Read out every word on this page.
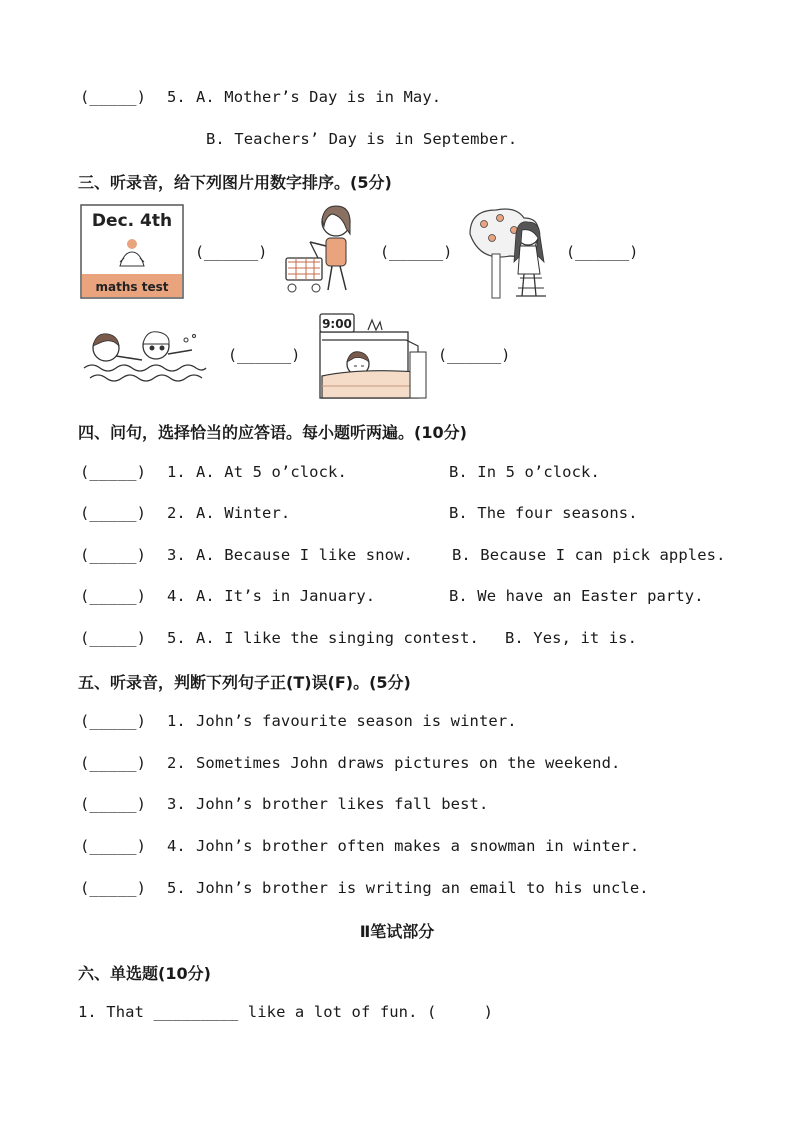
(_____) 5. A. Mother’s Day is in May.
B. Teachers’ Day is in September.
三、听录音，给下列图片用数字排序。(5分)
Dec. 4th
maths test
(______)	(______)	(______)
(______)
9:00
(______)
四、问句，选择恰当的应答语。每小题听两遍。(10分)
(_____) 1. A. At 5 o’clock.	B. In 5 o’clock.
(_____) 2. A. Winter.	B. The four seasons.
(_____) 3. A. Because I like snow.	B. Because I can pick apples.
(_____) 4. A. It’s in January.	B. We have an Easter party.
(_____) 5. A. I like the singing contest. B. Yes, it is.
五、听录音，判断下列句子正(T)误(F)。(5分)
(_____) 1. John’s favourite season is winter.
(_____) 2. Sometimes John draws pictures on the weekend.
(_____) 3. John’s brother likes fall best.
(_____) 4. John’s brother often makes a snowman in winter.
(_____) 5. John’s brother is writing an email to his uncle.
Ⅱ笔试部分
六、单选题(10分)
1. That _________ like a lot of fun. (     )
